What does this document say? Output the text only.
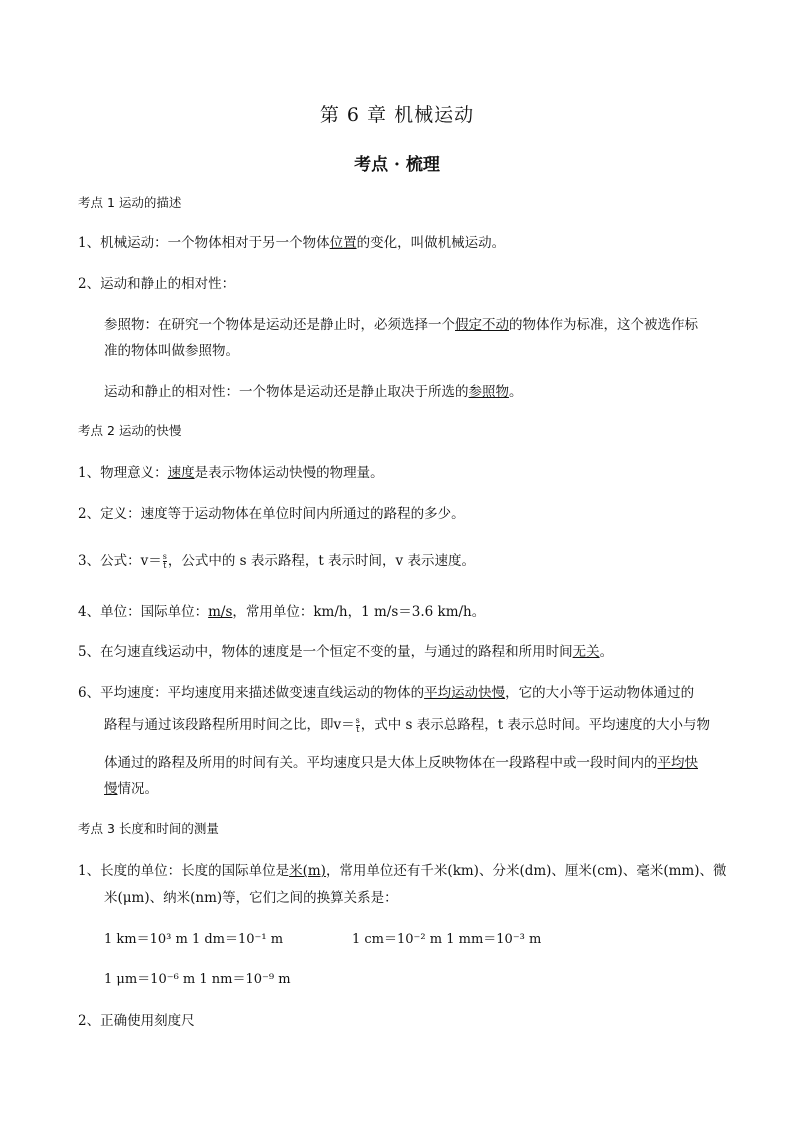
第 6 章 机械运动
考点 · 梳理
考点 1 运动的描述
1、机械运动：一个物体相对于另一个物体位置的变化，叫做机械运动。
2、运动和静止的相对性：
参照物：在研究一个物体是运动还是静止时，必须选择一个假定不动的物体作为标准，这个被选作标
准的物体叫做参照物。
运动和静止的相对性：一个物体是运动还是静止取决于所选的参照物。
考点 2 运动的快慢
1、物理意义：速度是表示物体运动快慢的物理量。
2、定义：速度等于运动物体在单位时间内所通过的路程的多少。
3、公式：$v= \frac{s}{t}$ ，公式中的 s 表示路程，t 表示时间，v 表示速度。
4、单位：国际单位：m/s，常用单位：km/h，1 m/s＝3.6 km/h。
5、在匀速直线运动中，物体的速度是一个恒定不变的量，与通过的路程和所用时间无关。
6、平均速度：平均速度用来描述做变速直线运动的物体的平均运动快慢，它的大小等于运动物体通过的
路程与通过该段路程所用时间之比，即$v= \frac{s}{t}$ ，式中 s 表示总路程，t 表示总时间。平均速度的大小与物
体通过的路程及所用的时间有关。平均速度只是大体上反映物体在一段路程中或一段时间内的平均快
慢情况。
考点 3 长度和时间的测量
1、长度的单位：长度的国际单位是米(m)，常用单位还有千米(km)、分米(dm)、厘米(cm)、毫米(mm)、微
米(μm)、纳米(nm)等，它们之间的换算关系是：
1 km＝10³ m 1 dm＝10⁻¹ m	1 cm＝10⁻² m 1 mm＝10⁻³ m
1 μm＝10⁻⁶ m 1 nm＝10⁻⁹ m
2、正确使用刻度尺
